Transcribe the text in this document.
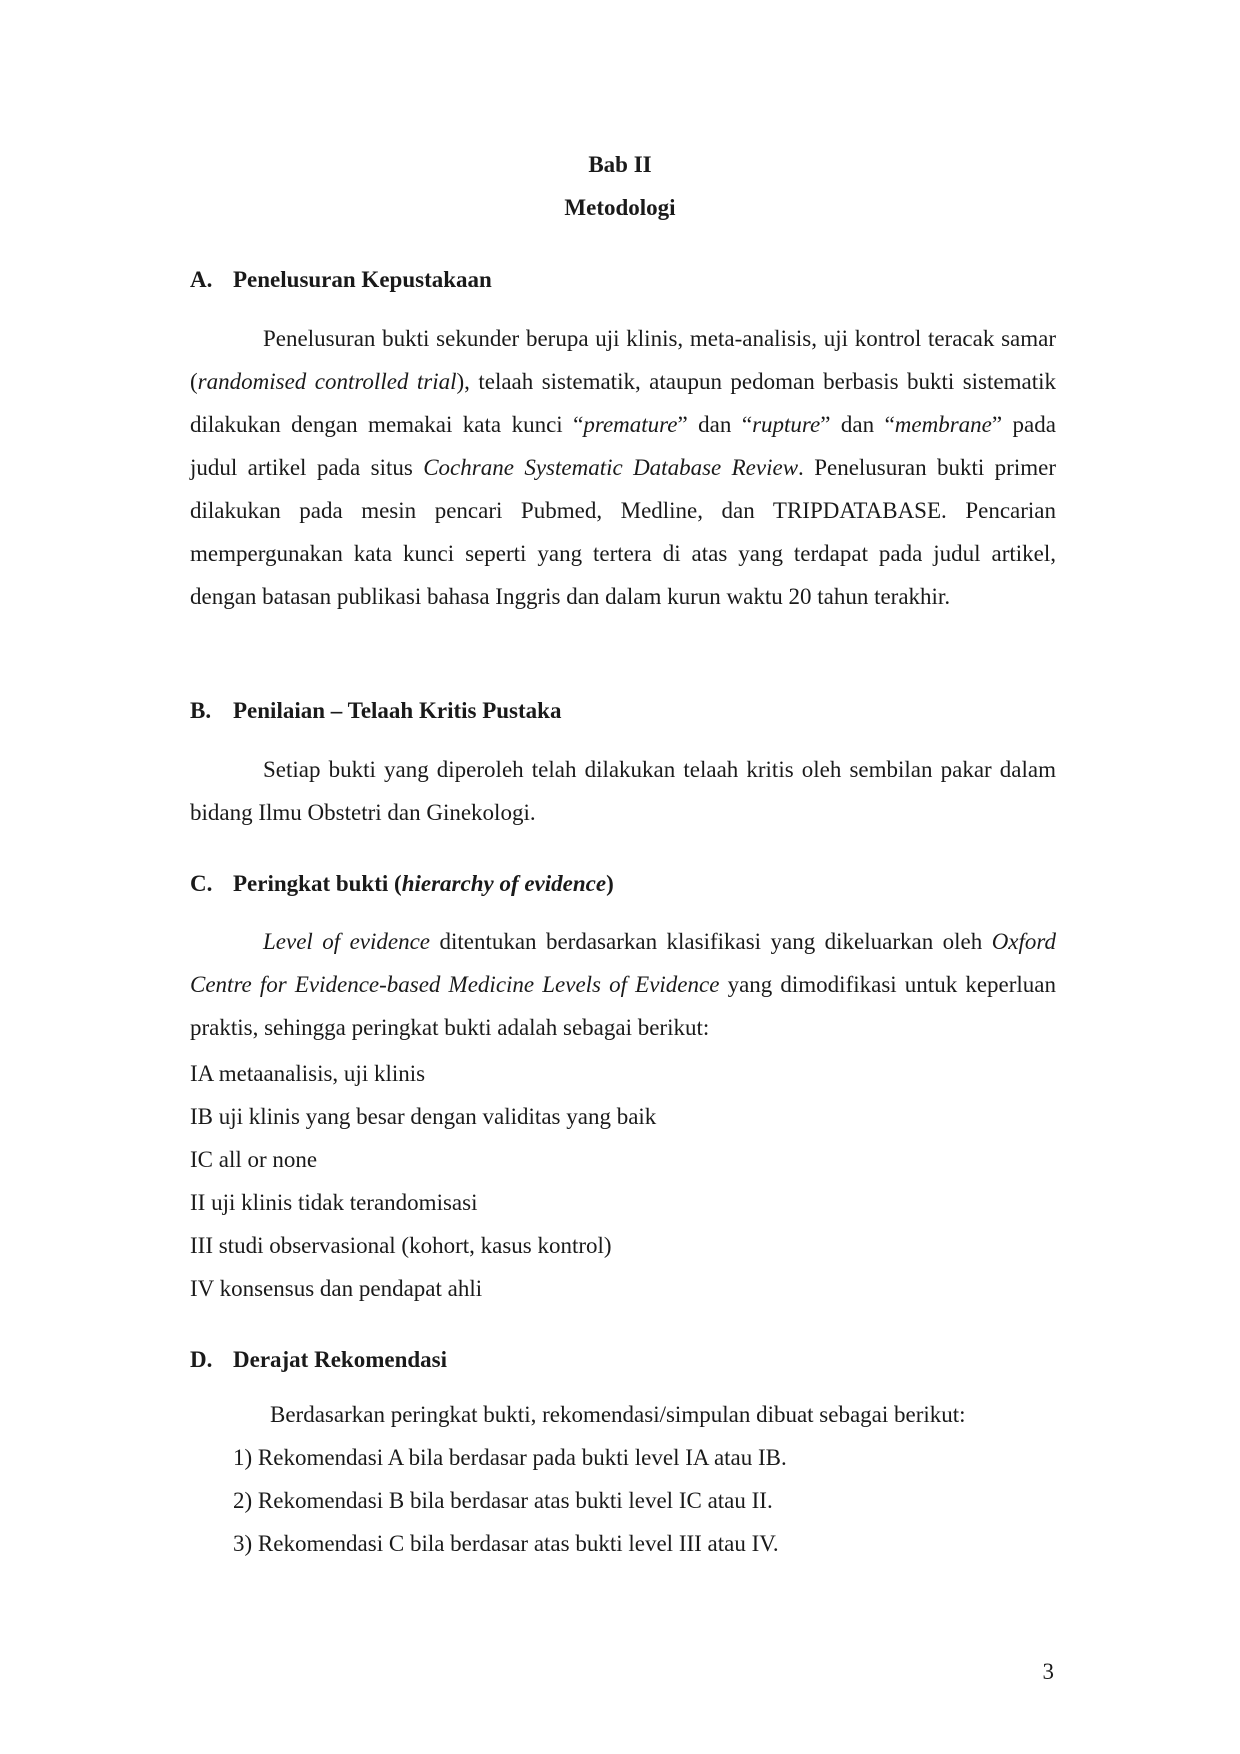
Bab II
Metodologi
A. Penelusuran Kepustakaan

Penelusuran bukti sekunder berupa uji klinis, meta-analisis, uji kontrol teracak samar (randomised controlled trial), telaah sistematik, ataupun pedoman berbasis bukti sistematik dilakukan dengan memakai kata kunci “premature” dan “rupture” dan “membrane” pada judul artikel pada situs Cochrane Systematic Database Review. Penelusuran bukti primer dilakukan pada mesin pencari Pubmed, Medline, dan TRIPDATABASE. Pencarian mempergunakan kata kunci seperti yang tertera di atas yang terdapat pada judul artikel, dengan batasan publikasi bahasa Inggris dan dalam kurun waktu 20 tahun terakhir.

B. Penilaian – Telaah Kritis Pustaka

Setiap bukti yang diperoleh telah dilakukan telaah kritis oleh sembilan pakar dalam bidang Ilmu Obstetri dan Ginekologi.

C. Peringkat bukti (hierarchy of evidence)

Level of evidence ditentukan berdasarkan klasifikasi yang dikeluarkan oleh Oxford Centre for Evidence-based Medicine Levels of Evidence yang dimodifikasi untuk keperluan praktis, sehingga peringkat bukti adalah sebagai berikut:

IA metaanalisis, uji klinis
IB uji klinis yang besar dengan validitas yang baik
IC all or none
II uji klinis tidak terandomisasi
III studi observasional (kohort, kasus kontrol)
IV konsensus dan pendapat ahli
D. Derajat Rekomendasi
Berdasarkan peringkat bukti, rekomendasi/simpulan dibuat sebagai berikut:
1) Rekomendasi A bila berdasar pada bukti level IA atau IB.
2) Rekomendasi B bila berdasar atas bukti level IC atau II.
3) Rekomendasi C bila berdasar atas bukti level III atau IV.
3
